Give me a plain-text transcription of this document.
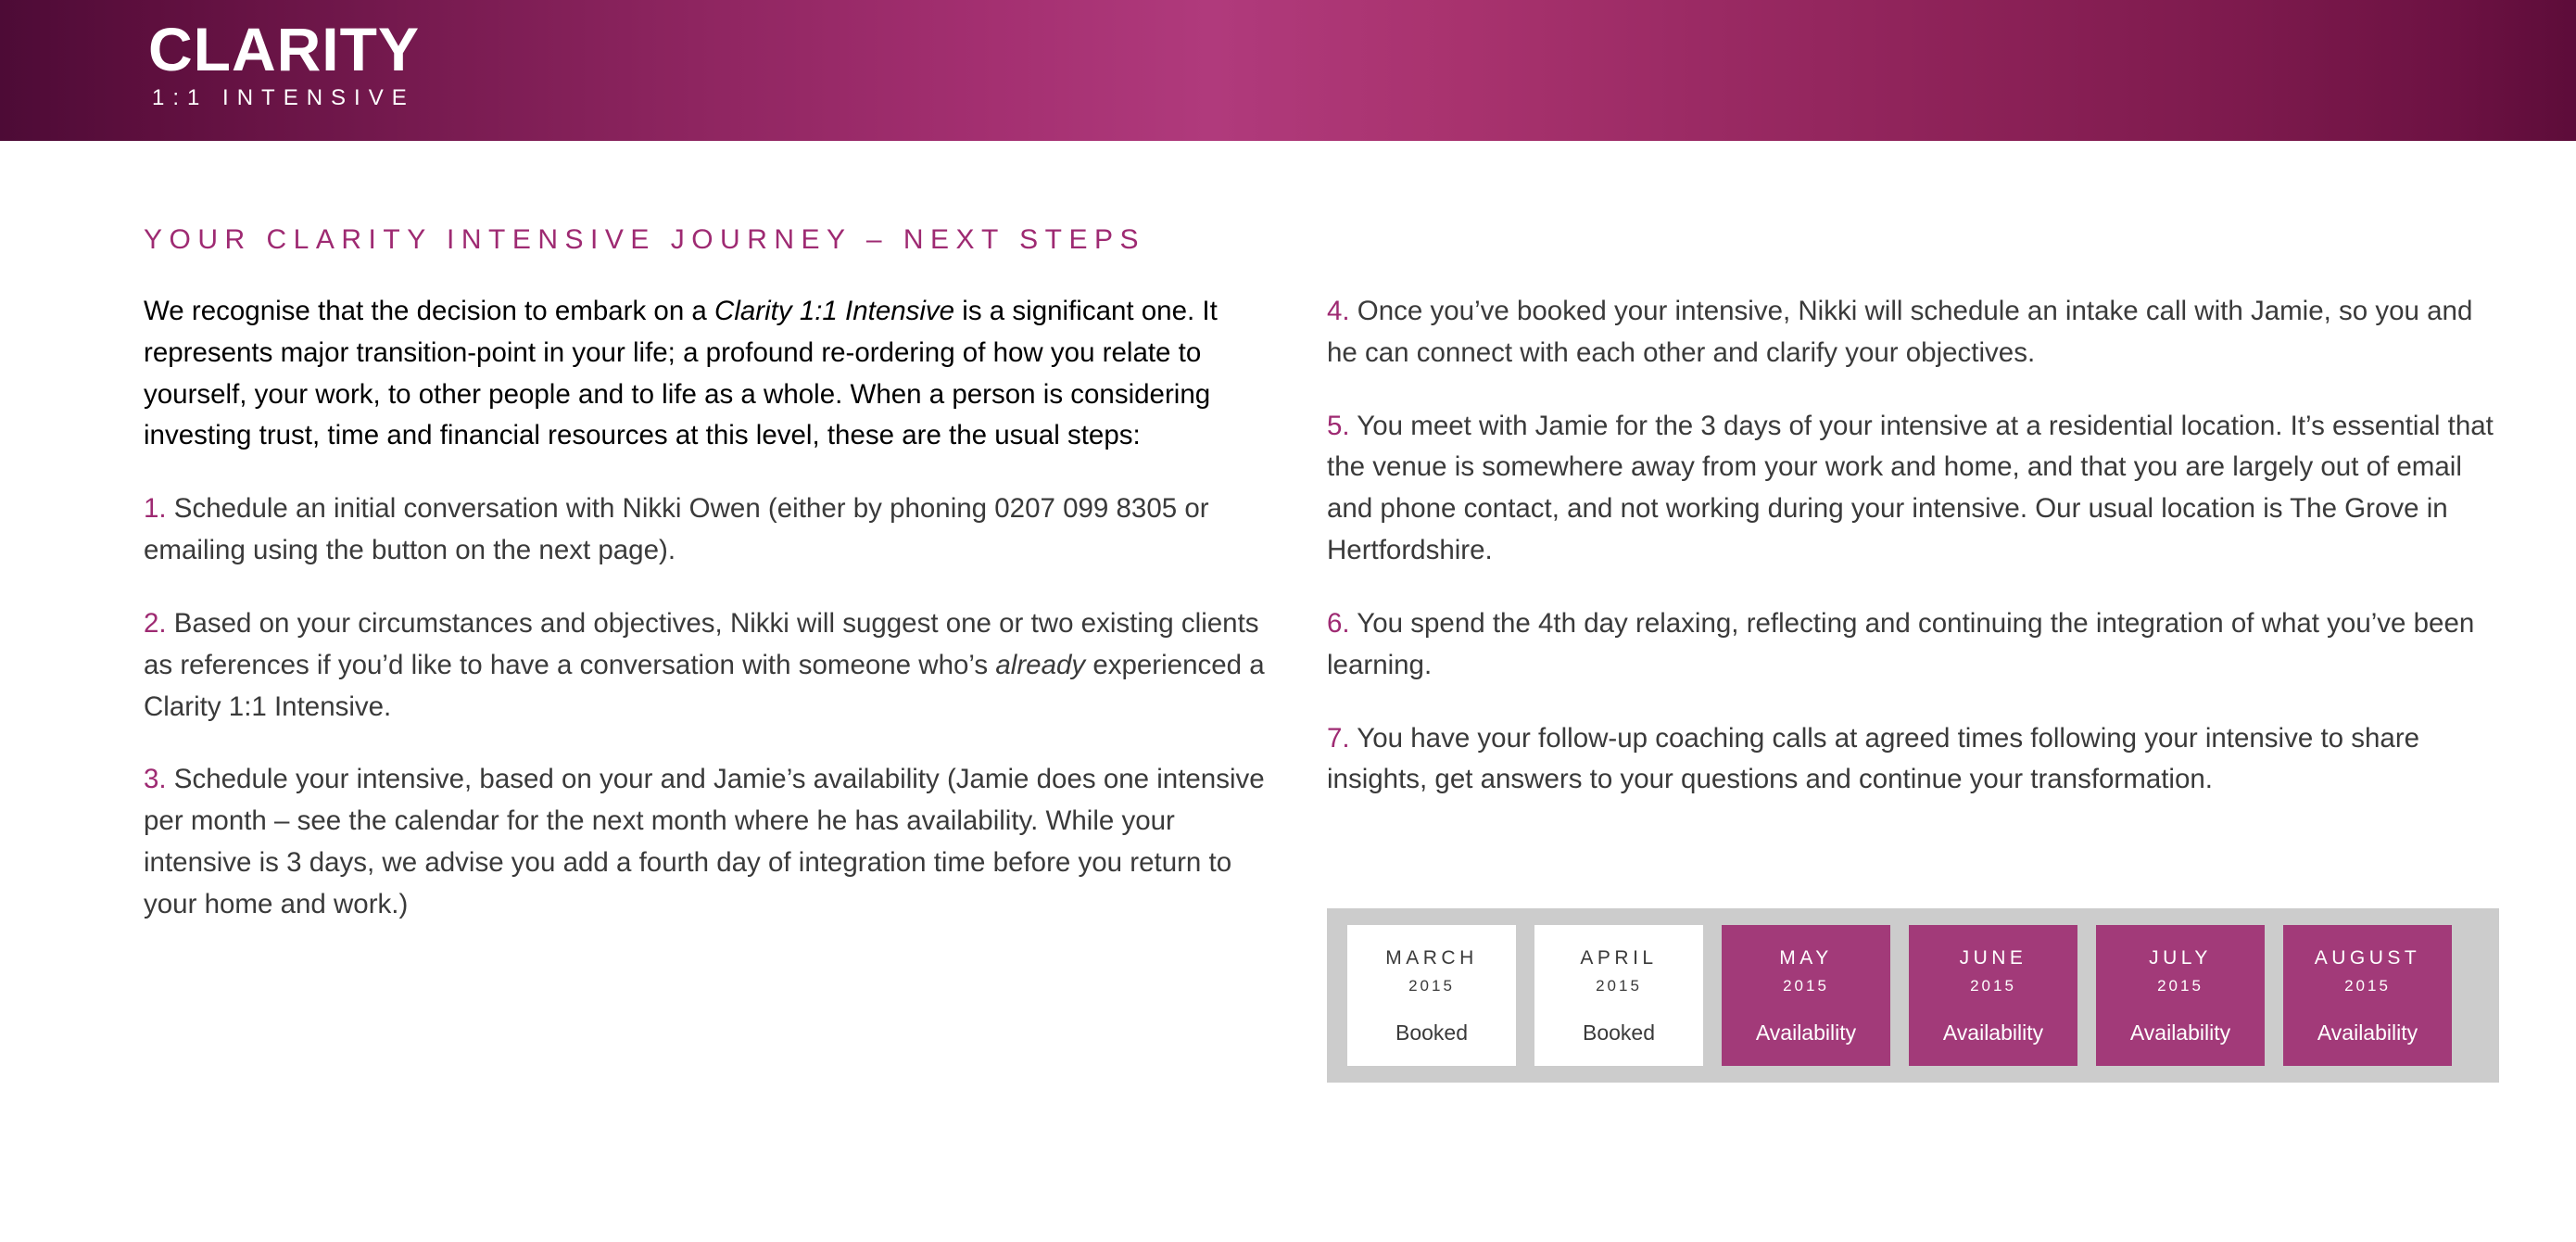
CLARITY
1:1 INTENSIVE
YOUR CLARITY INTENSIVE JOURNEY – NEXT STEPS

We recognise that the decision to embark on a Clarity 1:1 Intensive is a significant one. It represents major transition-point in your life; a profound re-ordering of how you relate to yourself, your work, to other people and to life as a whole. When a person is considering investing trust, time and financial resources at this level, these are the usual steps:

1. Schedule an initial conversation with Nikki Owen (either by phoning 0207 099 8305 or emailing using the button on the next page).

2. Based on your circumstances and objectives, Nikki will suggest one or two existing clients as references if you’d like to have a conversation with someone who’s already experienced a Clarity 1:1 Intensive.

3. Schedule your intensive, based on your and Jamie’s availability (Jamie does one intensive per month – see the calendar for the next month where he has availability. While your intensive is 3 days, we advise you add a fourth day of integration time before you return to your home and work.)

4. Once you’ve booked your intensive, Nikki will schedule an intake call with Jamie, so you and he can connect with each other and clarify your objectives.

5. You meet with Jamie for the 3 days of your intensive at a residential location. It’s essential that the venue is somewhere away from your work and home, and that you are largely out of email and phone contact, and not working during your intensive. Our usual location is The Grove in Hertfordshire.

6. You spend the 4th day relaxing, reflecting and continuing the integration of what you’ve been learning.

7. You have your follow-up coaching calls at agreed times following your intensive to share insights, get answers to your questions and continue your transformation.

MARCH
2015
Booked
APRIL
2015
Booked
MAY
2015
Availability
JUNE
2015
Availability
JULY
2015
Availability
AUGUST
2015
Availability
